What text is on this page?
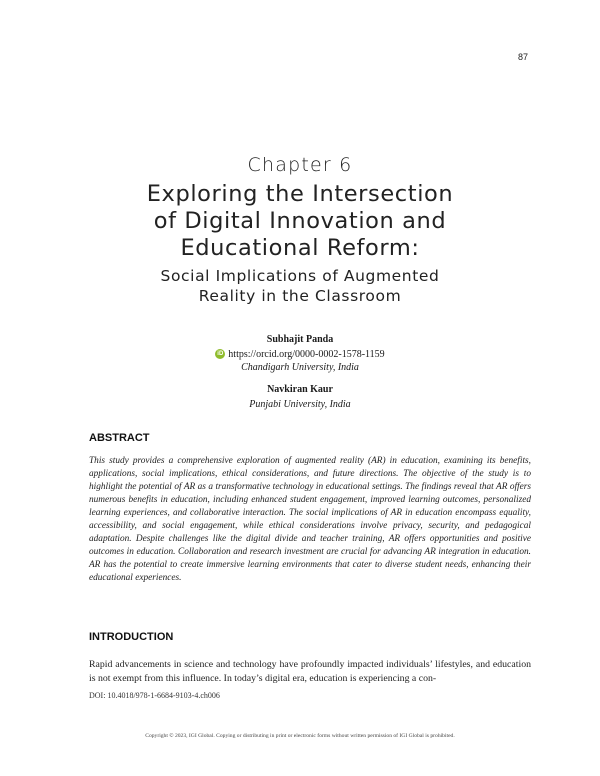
87
Chapter 6
Exploring the Intersection
of Digital Innovation and
Educational Reform:
Social Implications of Augmented
Reality in the Classroom
Subhajit Panda
iD https://orcid.org/0000-0002-1578-1159
Chandigarh University, India
Navkiran Kaur
Punjabi University, India
ABSTRACT
This study provides a comprehensive exploration of augmented reality (AR) in education, examining its benefits, applications, social implications, ethical considerations, and future directions. The objective of the study is to highlight the potential of AR as a transformative technology in educational settings. The findings reveal that AR offers numerous benefits in education, including enhanced student engagement, improved learning outcomes, personalized learning experiences, and collaborative interaction. The social implications of AR in education encompass equality, accessibility, and social engagement, while ethical considerations involve privacy, security, and pedagogical adaptation. Despite challenges like the digital divide and teacher training, AR offers opportunities and positive outcomes in education. Collaboration and research investment are crucial for advancing AR integration in education. AR has the potential to create immersive learning environments that cater to diverse student needs, enhancing their educational experiences.
INTRODUCTION
Rapid advancements in science and technology have profoundly impacted individuals’ lifestyles, and education is not exempt from this influence. In today’s digital era, education is experiencing a con-
DOI: 10.4018/978-1-6684-9103-4.ch006
Copyright © 2023, IGI Global. Copying or distributing in print or electronic forms without written permission of IGI Global is prohibited.
